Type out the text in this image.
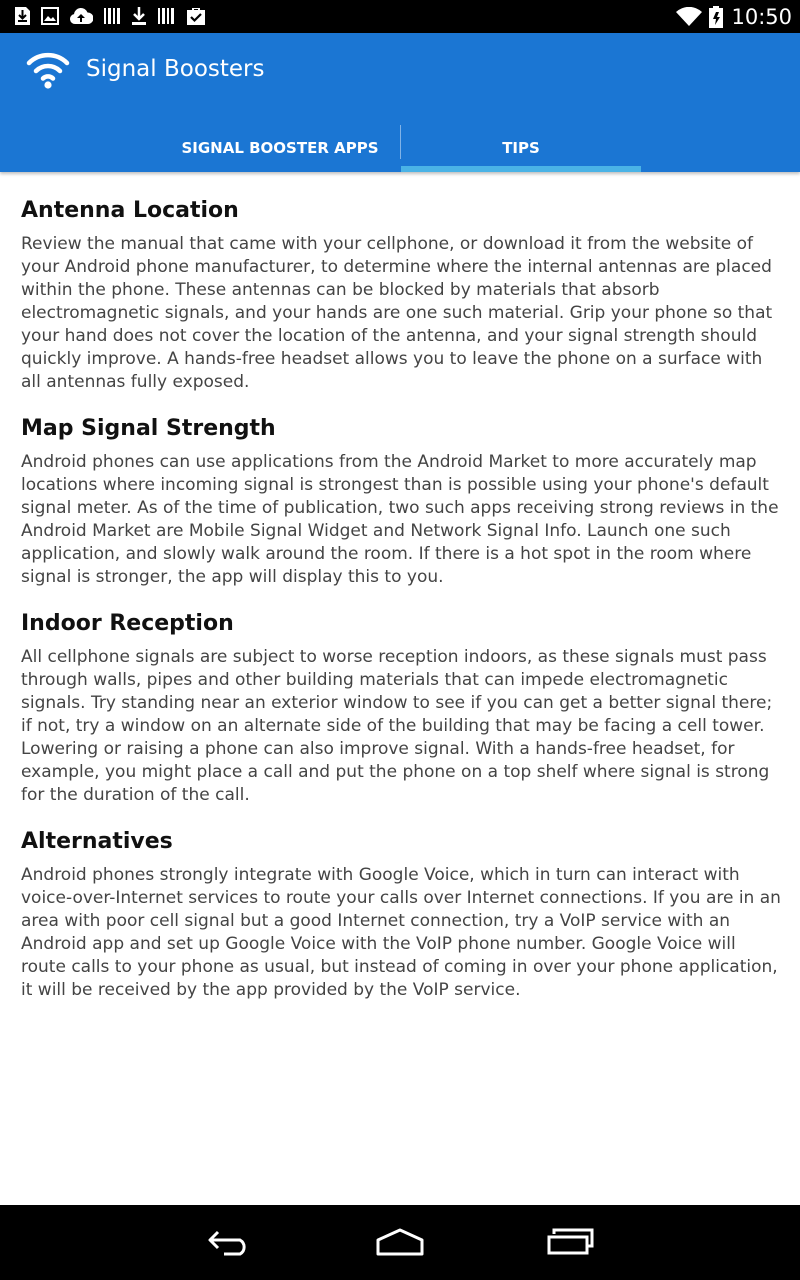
10:50
Signal Boosters
SIGNAL BOOSTER APPS	TIPS
Antenna Location

Review the manual that came with your cellphone, or download it from the website of your Android phone manufacturer, to determine where the internal antennas are placed within the phone. These antennas can be blocked by materials that absorb electromagnetic signals, and your hands are one such material. Grip your phone so that your hand does not cover the location of the antenna, and your signal strength should quickly improve. A hands-free headset allows you to leave the phone on a surface with all antennas fully exposed.

Map Signal Strength

Android phones can use applications from the Android Market to more accurately map locations where incoming signal is strongest than is possible using your phone's default signal meter. As of the time of publication, two such apps receiving strong reviews in the Android Market are Mobile Signal Widget and Network Signal Info. Launch one such application, and slowly walk around the room. If there is a hot spot in the room where signal is stronger, the app will display this to you.

Indoor Reception

All cellphone signals are subject to worse reception indoors, as these signals must pass through walls, pipes and other building materials that can impede electromagnetic signals. Try standing near an exterior window to see if you can get a better signal there; if not, try a window on an alternate side of the building that may be facing a cell tower. Lowering or raising a phone can also improve signal. With a hands-free headset, for example, you might place a call and put the phone on a top shelf where signal is strong for the duration of the call.

Alternatives

Android phones strongly integrate with Google Voice, which in turn can interact with voice-over-Internet services to route your calls over Internet connections. If you are in an area with poor cell signal but a good Internet connection, try a VoIP service with an Android app and set up Google Voice with the VoIP phone number. Google Voice will route calls to your phone as usual, but instead of coming in over your phone application, it will be received by the app provided by the VoIP service.
